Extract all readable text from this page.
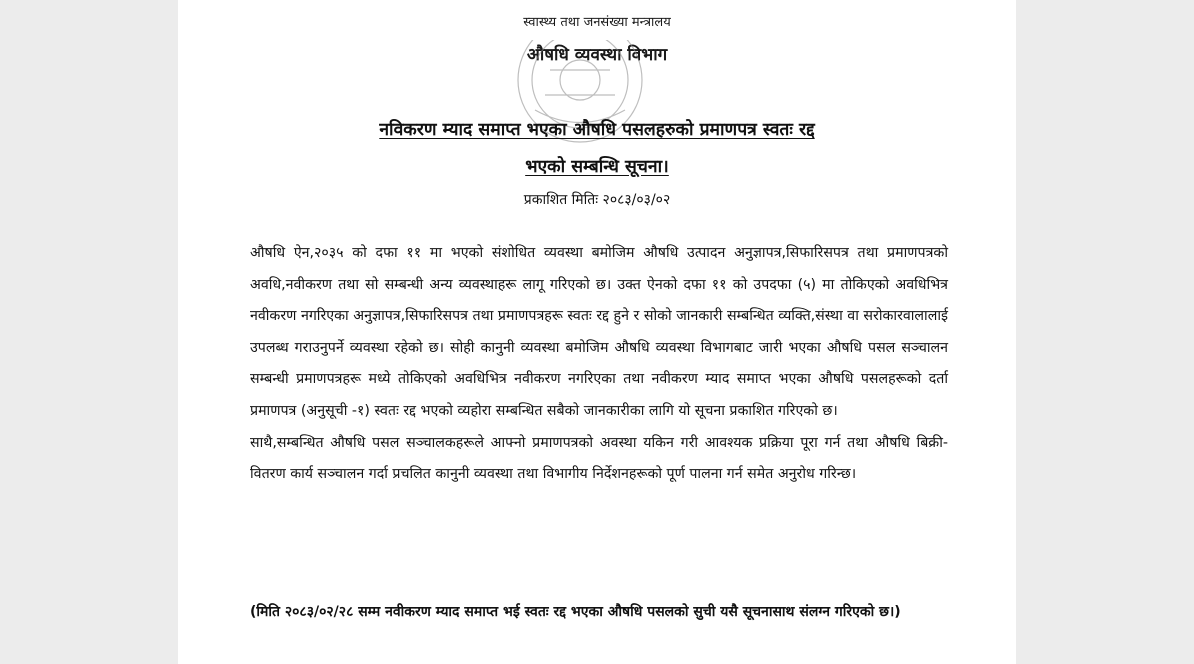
स्वास्थ्य तथा जनसंख्या मन्त्रालय
औषधि व्यवस्था विभाग
नविकरण म्याद समाप्त भएका औषधि पसलहरुको प्रमाणपत्र स्वतः रद्द
भएको सम्बन्धि सूचना।
प्रकाशित मितिः २०८३/०३/०२

औषधि ऐन,२०३५ को दफा ११ मा भएको संशोधित व्यवस्था बमोजिम औषधि उत्पादन अनुज्ञापत्र,सिफारिसपत्र तथा प्रमाणपत्रको अवधि,नवीकरण तथा सो सम्बन्धी अन्य व्यवस्थाहरू लागू गरिएको छ। उक्त ऐनको दफा ११ को उपदफा (५) मा तोकिएको अवधिभित्र नवीकरण नगरिएका अनुज्ञापत्र,सिफारिसपत्र तथा प्रमाणपत्रहरू स्वतः रद्द हुने र सोको जानकारी सम्बन्धित व्यक्ति,संस्था वा सरोकारवालालाई उपलब्ध गराउनुपर्ने व्यवस्था रहेको छ। सोही कानुनी व्यवस्था बमोजिम औषधि व्यवस्था विभागबाट जारी भएका औषधि पसल सञ्चालन सम्बन्धी प्रमाणपत्रहरू मध्ये तोकिएको अवधिभित्र नवीकरण नगरिएका तथा नवीकरण म्याद समाप्त भएका औषधि पसलहरूको दर्ता प्रमाणपत्र (अनुसूची -१) स्वतः रद्द भएको व्यहोरा सम्बन्धित सबैको जानकारीका लागि यो सूचना प्रकाशित गरिएको छ।

साथै,सम्बन्धित औषधि पसल सञ्चालकहरूले आफ्नो प्रमाणपत्रको अवस्था यकिन गरी आवश्यक प्रक्रिया पूरा गर्न तथा औषधि बिक्री-वितरण कार्य सञ्चालन गर्दा प्रचलित कानुनी व्यवस्था तथा विभागीय निर्देशनहरूको पूर्ण पालना गर्न समेत अनुरोध गरिन्छ।

(मिति २०८३/०२/२८ सम्म नवीकरण म्याद समाप्त भई स्वतः रद्द भएका औषधि पसलको सुची यसै सूचनासाथ संलग्न गरिएको छ।)
